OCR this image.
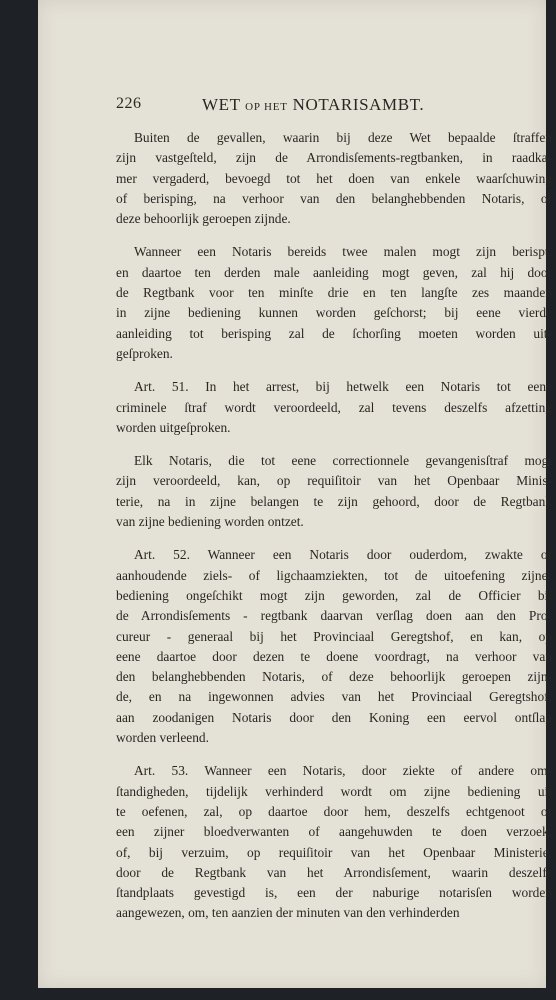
226	WET OP HET NOTARISAMBT.
Buiten de gevallen, waarin bij deze Wet bepaalde ſtraffen
zijn vastgeſteld, zijn de Arrondisſements-regtbanken, in raadka-
mer vergaderd, bevoegd tot het doen van enkele waarſchuwing
of berisping, na verhoor van den belanghebbenden Notaris, of
deze behoorlijk geroepen zijnde.
Wanneer een Notaris bereids twee malen mogt zijn berispt,
en daartoe ten derden male aanleiding mogt geven, zal hij door
de Regtbank voor ten minſte drie en ten langſte zes maanden
in zijne bediening kunnen worden geſchorst; bij eene vierde
aanleiding tot berisping zal de ſchorſing moeten worden uit-
geſproken.
Art. 51. In het arrest, bij hetwelk een Notaris tot eene
criminele ſtraf wordt veroordeeld, zal tevens deszelfs afzetting
worden uitgeſproken.
Elk Notaris, die tot eene correctionnele gevangenisſtraf mogt
zijn veroordeeld, kan, op requiſitoir van het Openbaar Minis-
terie, na in zijne belangen te zijn gehoord, door de Regtbank
van zijne bediening worden ontzet.
Art. 52. Wanneer een Notaris door ouderdom, zwakte of
aanhoudende ziels- of ligchaamziekten, tot de uitoefening zijner
bediening ongeſchikt mogt zijn geworden, zal de Officier bij
de Arrondisſements - regtbank daarvan verſlag doen aan den Pro-
cureur - generaal bij het Provinciaal Geregtshof, en kan, op
eene daartoe door dezen te doene voordragt, na verhoor van
den belanghebbenden Notaris, of deze behoorlijk geroepen zijn-
de, en na ingewonnen advies van het Provinciaal Geregtshof,
aan zoodanigen Notaris door den Koning een eervol ontſlag
worden verleend.
Art. 53. Wanneer een Notaris, door ziekte of andere om-
ſtandigheden, tijdelijk verhinderd wordt om zijne bediening uit
te oefenen, zal, op daartoe door hem, deszelfs echtgenoot of
een zijner bloedverwanten of aangehuwden te doen verzoek,
of, bij verzuim, op requiſitoir van het Openbaar Ministerie,
door de Regtbank van het Arrondisſement, waarin deszelfs
ſtandplaats gevestigd is, een der naburige notarisſen worden
aangewezen, om, ten aanzien der minuten van den verhinderden
